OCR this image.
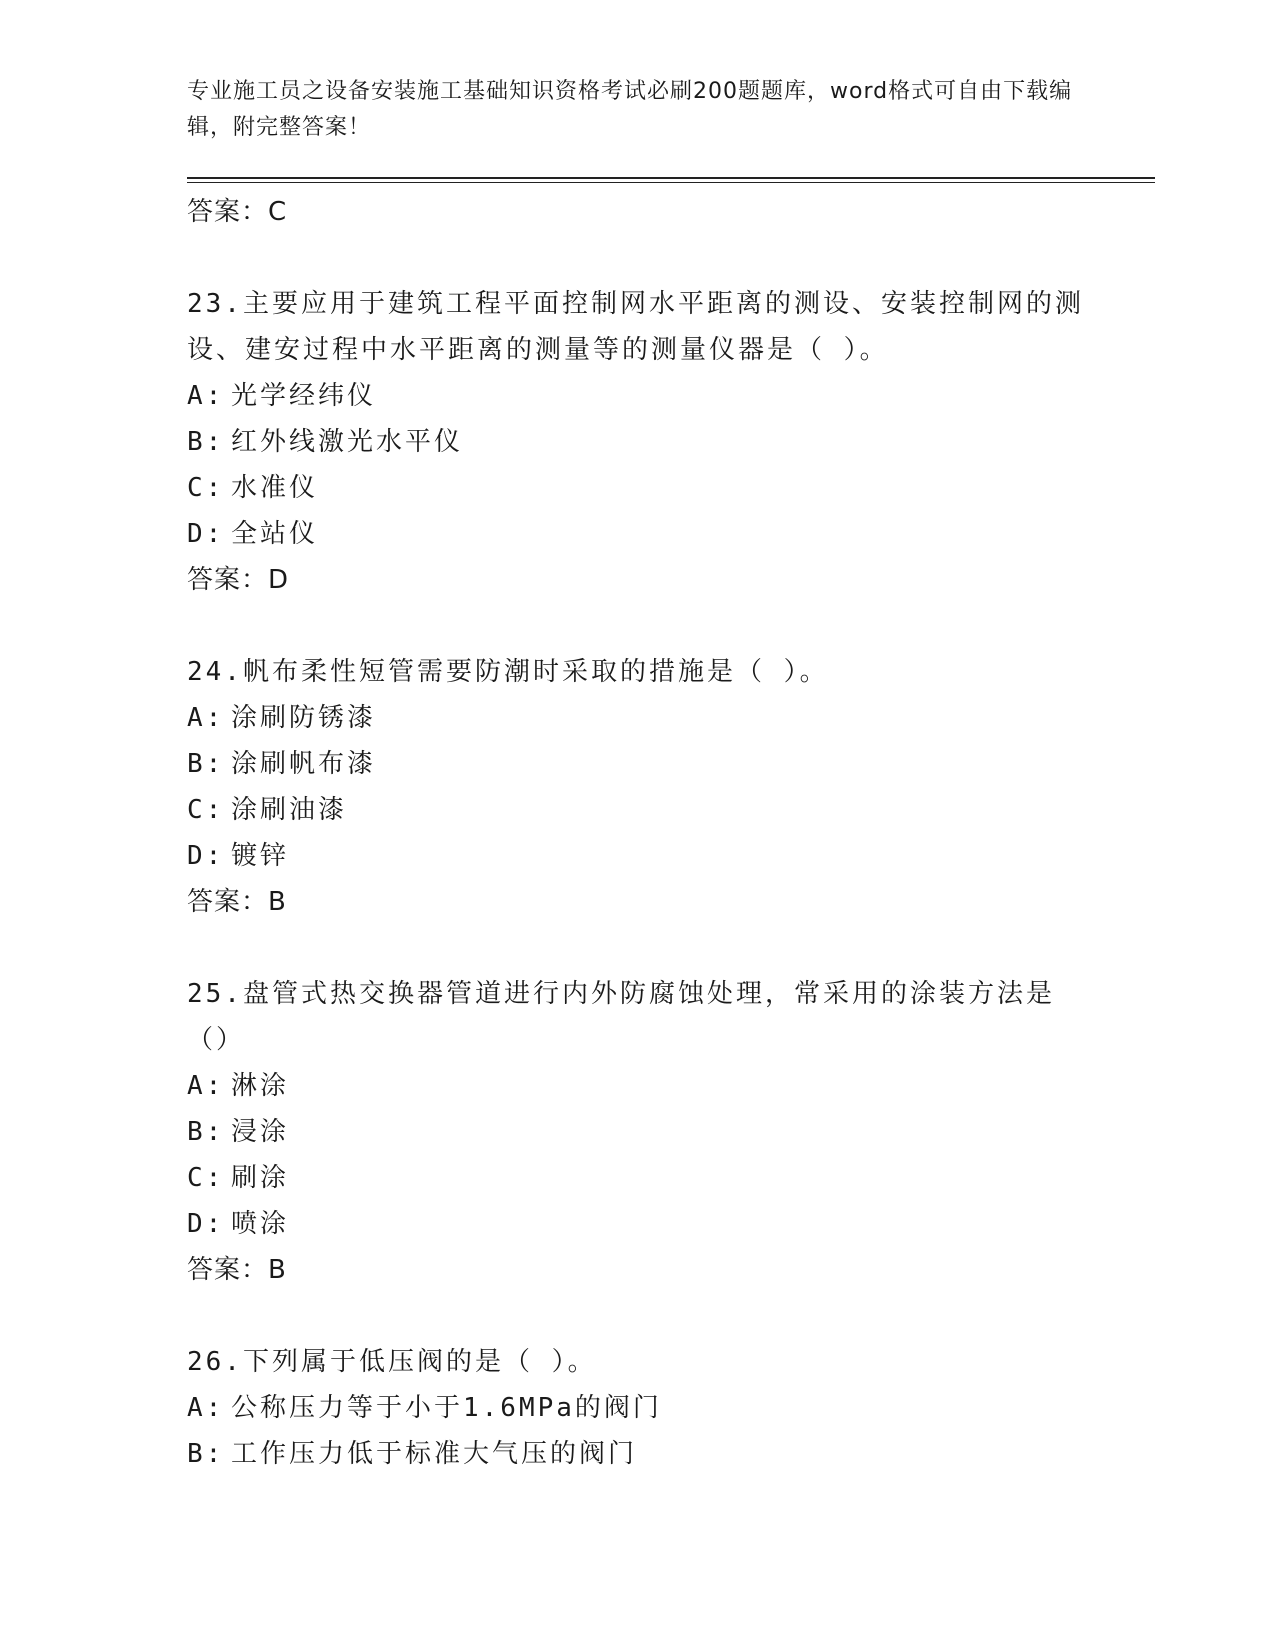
专业施工员之设备安装施工基础知识资格考试必刷200题题库，word格式可自由下载编辑，附完整答案！
答案：C
23.主要应用于建筑工程平面控制网水平距离的测设、安装控制网的测设、建安过程中水平距离的测量等的测量仪器是（ ）。
A: 光学经纬仪
B: 红外线激光水平仪
C: 水准仪
D: 全站仪
答案：D
24.帆布柔性短管需要防潮时采取的措施是（ ）。
A: 涂刷防锈漆
B: 涂刷帆布漆
C: 涂刷油漆
D: 镀锌
答案：B
25.盘管式热交换器管道进行内外防腐蚀处理，常采用的涂装方法是（）
A: 淋涂
B: 浸涂
C: 刷涂
D: 喷涂
答案：B
26.下列属于低压阀的是（ ）。
A: 公称压力等于小于1.6MPa的阀门
B: 工作压力低于标准大气压的阀门
